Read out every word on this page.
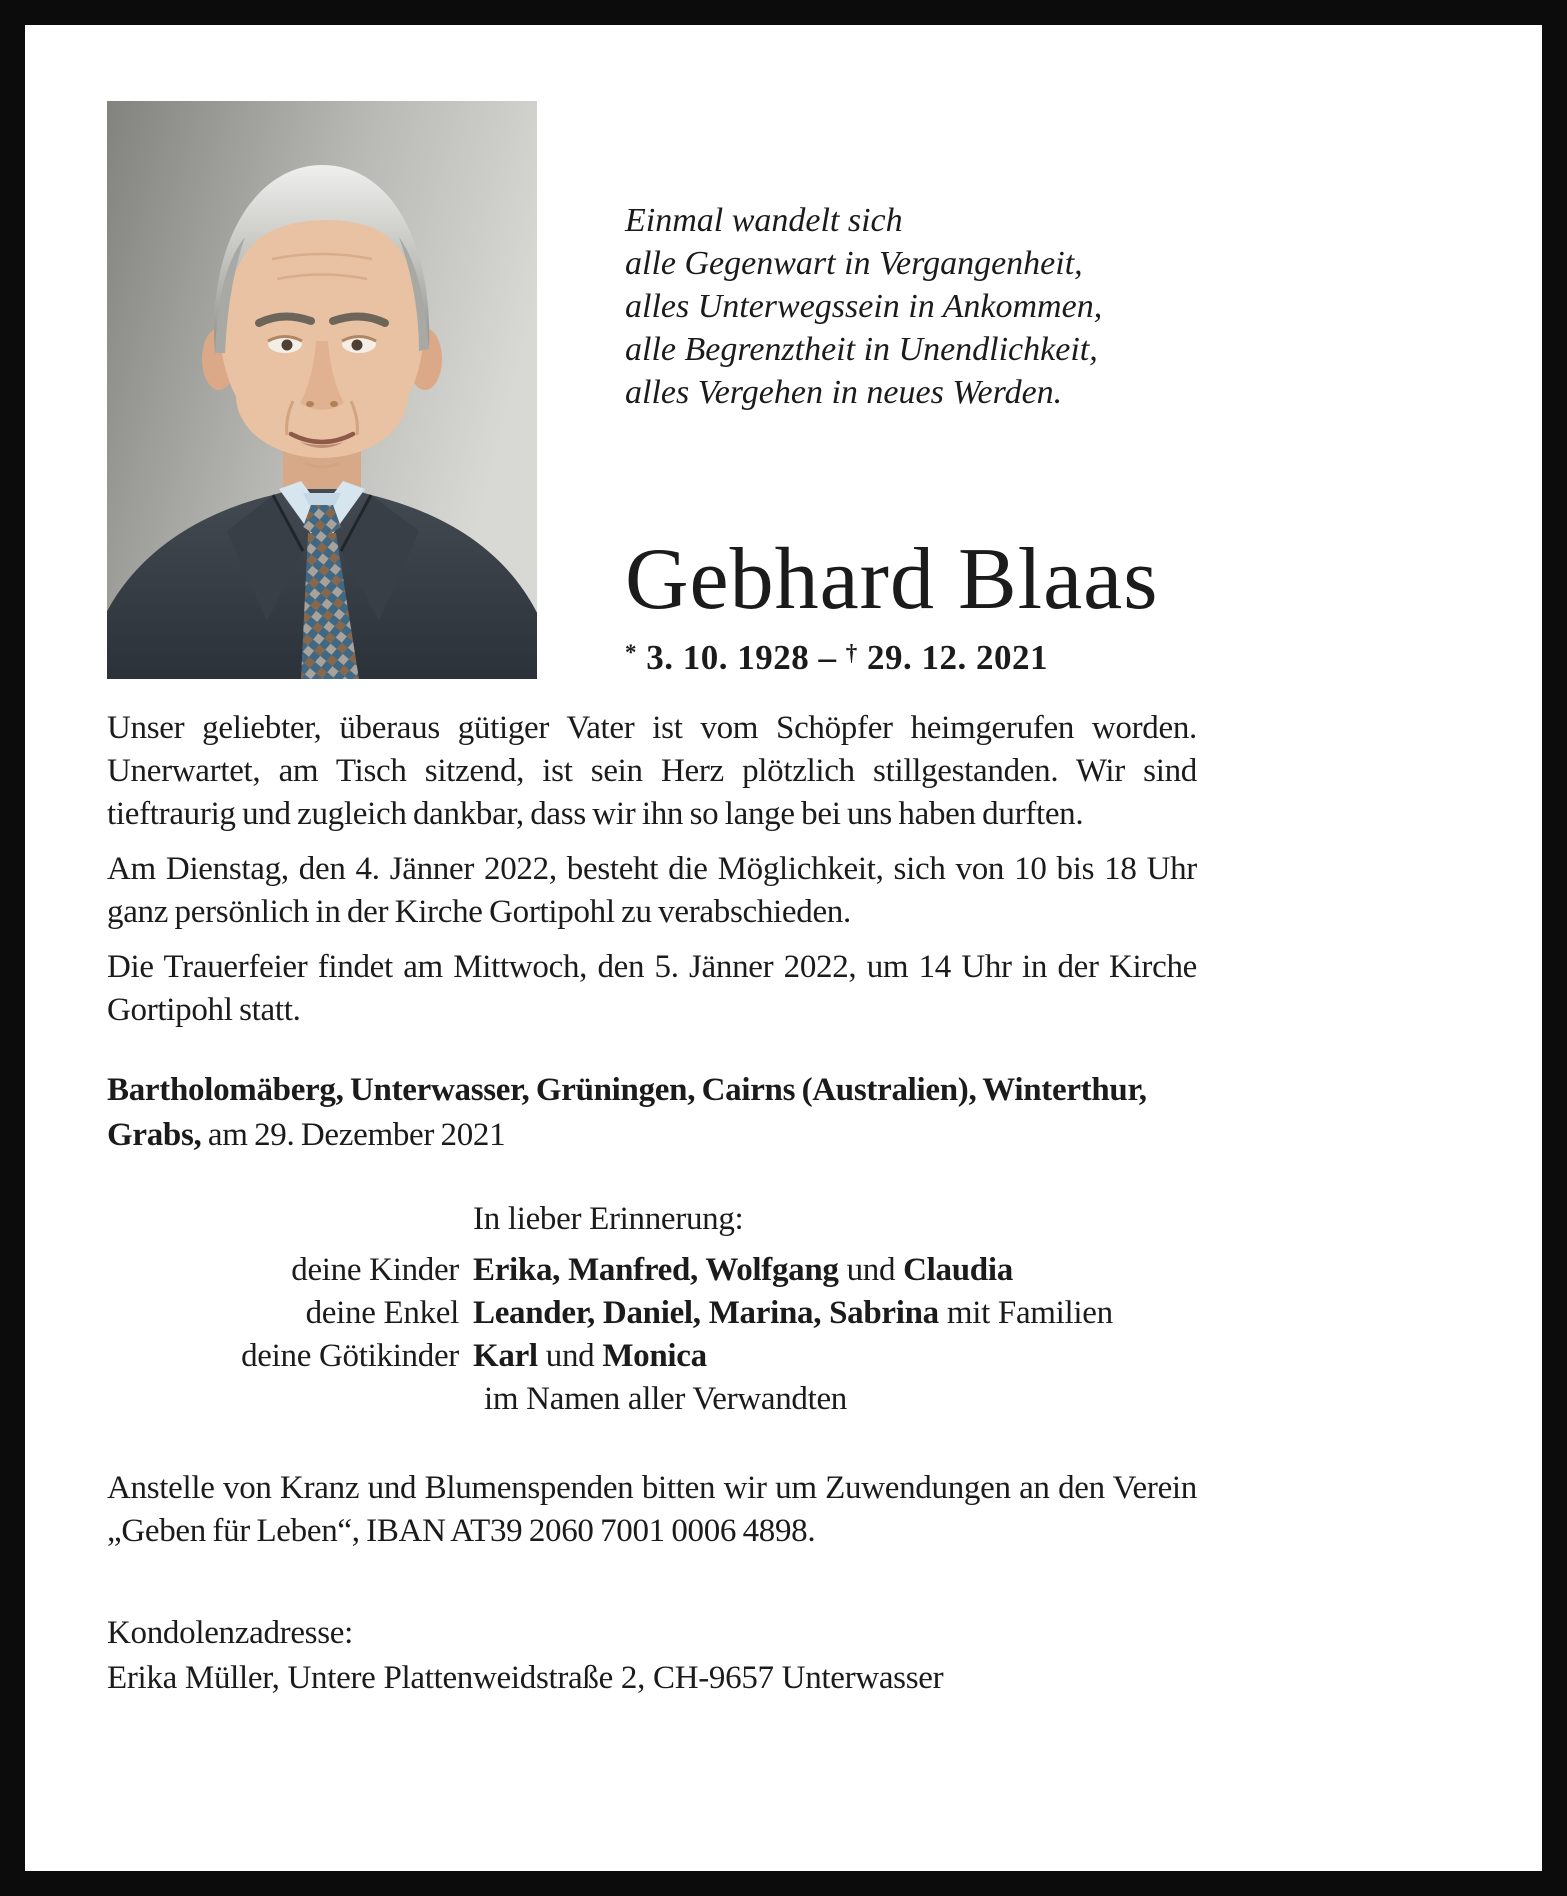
Einmal wandelt sich
alle Gegenwart in Vergangenheit,
alles Unterwegssein in Ankommen,
alle Begrenztheit in Unendlichkeit,
alles Vergehen in neues Werden.
Gebhard Blaas
* 3. 10. 1928 – † 29. 12. 2021

Unser geliebter, überaus gütiger Vater ist vom Schöpfer heimgerufen worden. Unerwartet, am Tisch sitzend, ist sein Herz plötzlich stillgestanden. Wir sind tieftraurig und zugleich dankbar, dass wir ihn so lange bei uns haben durften.

Am Dienstag, den 4. Jänner 2022, besteht die Möglichkeit, sich von 10 bis 18 Uhr ganz persönlich in der Kirche Gortipohl zu verabschieden.

Die Trauerfeier findet am Mittwoch, den 5. Jänner 2022, um 14 Uhr in der Kirche Gortipohl statt.

Bartholomäberg, Unterwasser, Grüningen, Cairns (Australien), Winterthur, Grabs, am 29. Dezember 2021

In lieber Erinnerung:
deine Kinder Erika, Manfred, Wolfgang und Claudia
deine Enkel Leander, Daniel, Marina, Sabrina mit Familien
deine Götikinder Karl und Monica
im Namen aller Verwandten

Anstelle von Kranz und Blumenspenden bitten wir um Zuwendungen an den Verein „Geben für Leben“, IBAN AT39 2060 7001 0006 4898.

Kondolenzadresse:
Erika Müller, Untere Plattenweidstraße 2, CH-9657 Unterwasser
